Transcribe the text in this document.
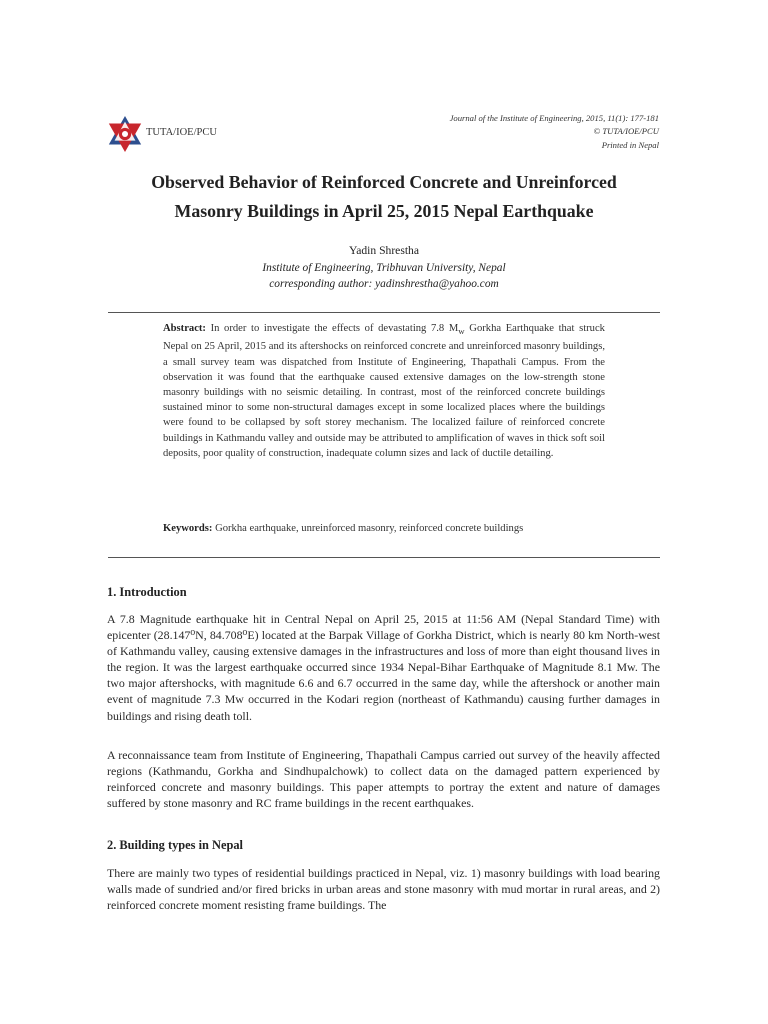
TUTA/IOE/PCU
Journal of the Institute of Engineering, 2015, 11(1): 177-181
© TUTA/IOE/PCU
Printed in Nepal
Observed Behavior of Reinforced Concrete and Unreinforced
Masonry Buildings in April 25, 2015 Nepal Earthquake
Yadin Shrestha
Institute of Engineering, Tribhuvan University, Nepal
corresponding author: yadinshrestha@yahoo.com

Abstract: In order to investigate the effects of devastating 7.8 $M_w$ Gorkha Earthquake that struck Nepal on 25 April, 2015 and its aftershocks on reinforced concrete and unreinforced masonry buildings, a small survey team was dispatched from Institute of Engineering, Thapathali Campus. From the observation it was found that the earthquake caused extensive damages on the low-strength stone masonry buildings with no seismic detailing. In contrast, most of the reinforced concrete buildings sustained minor to some non-structural damages except in some localized places where the buildings were found to be collapsed by soft storey mechanism. The localized failure of reinforced concrete buildings in Kathmandu valley and outside may be attributed to amplification of waves in thick soft soil deposits, poor quality of construction, inadequate column sizes and lack of ductile detailing.

Keywords: Gorkha earthquake, unreinforced masonry, reinforced concrete buildings

1. Introduction

A 7.8 Magnitude earthquake hit in Central Nepal on April 25, 2015 at 11:56 AM (Nepal Standard Time) with epicenter (28.147⁰N, 84.708⁰E) located at the Barpak Village of Gorkha District, which is nearly 80 km North-west of Kathmandu valley, causing extensive damages in the infrastructures and loss of more than eight thousand lives in the region. It was the largest earthquake occurred since 1934 Nepal-Bihar Earthquake of Magnitude 8.1 Mw. The two major aftershocks, with magnitude 6.6 and 6.7 occurred in the same day, while the aftershock or another main event of magnitude 7.3 Mw occurred in the Kodari region (northeast of Kathmandu) causing further damages in buildings and rising death toll.

A reconnaissance team from Institute of Engineering, Thapathali Campus carried out survey of the heavily affected regions (Kathmandu, Gorkha and Sindhupalchowk) to collect data on the damaged pattern experienced by reinforced concrete and masonry buildings. This paper attempts to portray the extent and nature of damages suffered by stone masonry and RC frame buildings in the recent earthquakes.

2. Building types in Nepal

There are mainly two types of residential buildings practiced in Nepal, viz. 1) masonry buildings with load bearing walls made of sundried and/or fired bricks in urban areas and stone masonry with mud mortar in rural areas, and 2) reinforced concrete moment resisting frame buildings. The
